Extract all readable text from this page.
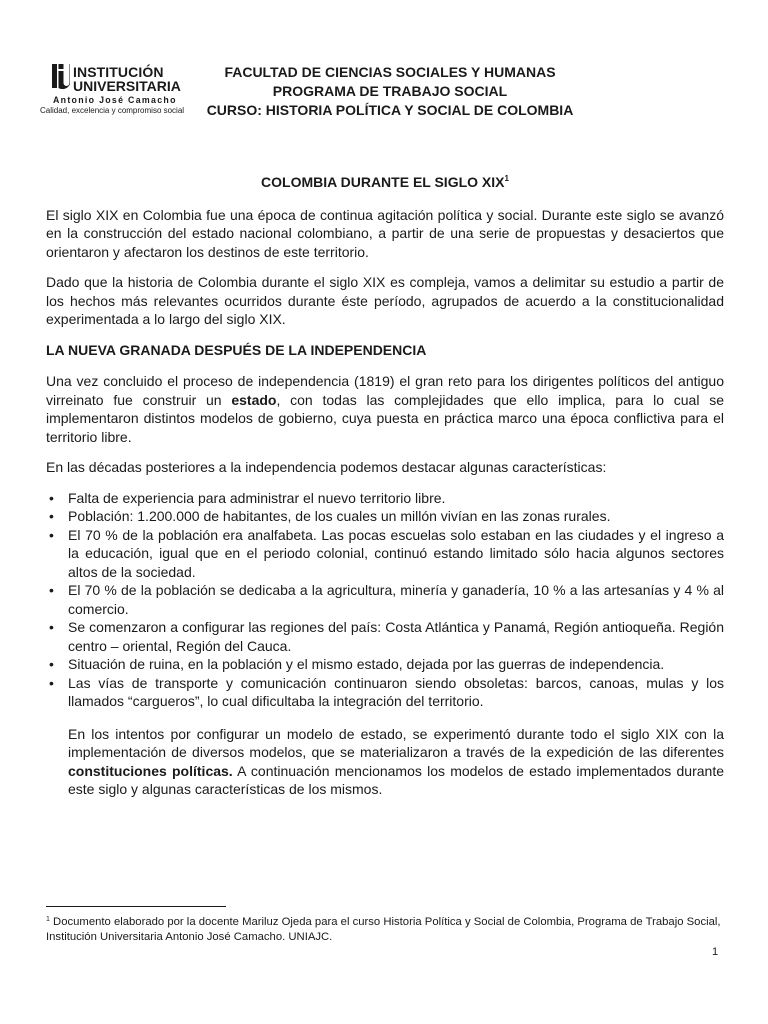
INSTITUCIÓN
UNIVERSITARIA
Antonio José Camacho
Calidad, excelencia y compromiso social
FACULTAD DE CIENCIAS SOCIALES Y HUMANAS
PROGRAMA DE TRABAJO SOCIAL
CURSO: HISTORIA POLÍTICA Y SOCIAL DE COLOMBIA
COLOMBIA DURANTE EL SIGLO XIX$^1$

El siglo XIX en Colombia fue una época de continua agitación política y social. Durante este siglo se avanzó en la construcción del estado nacional colombiano, a partir de una serie de propuestas y desaciertos que orientaron y afectaron los destinos de este territorio.

Dado que la historia de Colombia durante el siglo XIX es compleja, vamos a delimitar su estudio a partir de los hechos más relevantes ocurridos durante éste período, agrupados de acuerdo a la constitucionalidad experimentada a lo largo del siglo XIX.

LA NUEVA GRANADA DESPUÉS DE LA INDEPENDENCIA

Una vez concluido el proceso de independencia (1819) el gran reto para los dirigentes políticos del antiguo virreinato fue construir un estado, con todas las complejidades que ello implica, para lo cual se implementaron distintos modelos de gobierno, cuya puesta en práctica marco una época conflictiva para el territorio libre.

En las décadas posteriores a la independencia podemos destacar algunas características:

• Falta de experiencia para administrar el nuevo territorio libre.
• Población: 1.200.000 de habitantes, de los cuales un millón vivían en las zonas rurales.
• El 70 % de la población era analfabeta. Las pocas escuelas solo estaban en las ciudades y el ingreso a la educación, igual que en el periodo colonial, continuó estando limitado sólo hacia algunos sectores altos de la sociedad.
• El 70 % de la población se dedicaba a la agricultura, minería y ganadería, 10 % a las artesanías y 4 % al comercio.
• Se comenzaron a configurar las regiones del país: Costa Atlántica y Panamá, Región antioqueña. Región centro – oriental, Región del Cauca.
• Situación de ruina, en la población y el mismo estado, dejada por las guerras de independencia.
• Las vías de transporte y comunicación continuaron siendo obsoletas: barcos, canoas, mulas y los llamados “cargueros”, lo cual dificultaba la integración del territorio.

En los intentos por configurar un modelo de estado, se experimentó durante todo el siglo XIX con la implementación de diversos modelos, que se materializaron a través de la expedición de las diferentes constituciones políticas. A continuación mencionamos los modelos de estado implementados durante este siglo y algunas características de los mismos.

$^1$ Documento elaborado por la docente Mariluz Ojeda para el curso Historia Política y Social de Colombia, Programa de Trabajo Social, Institución Universitaria Antonio José Camacho. UNIAJC.
1
